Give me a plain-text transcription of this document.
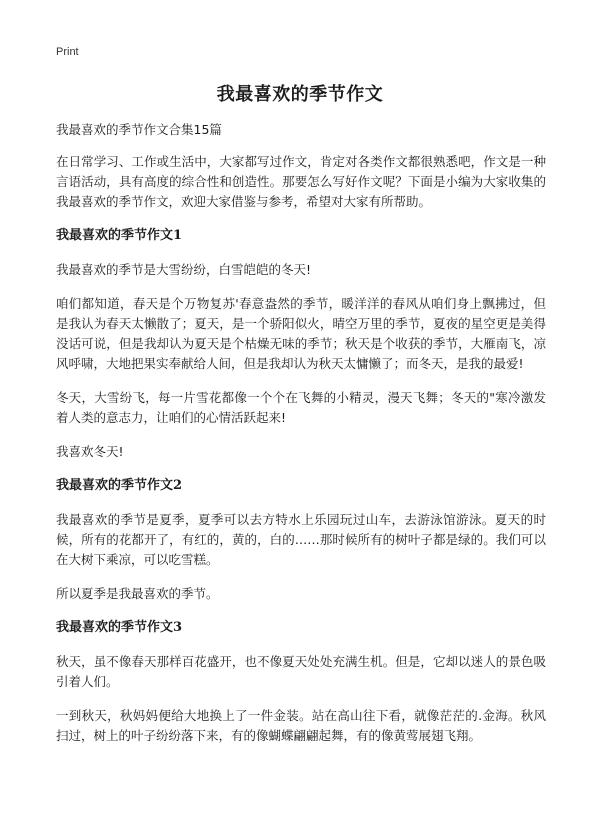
Print
我最喜欢的季节作文

我最喜欢的季节作文合集15篇

在日常学习、工作或生活中，大家都写过作文，肯定对各类作文都很熟悉吧，作文是一种言语活动，具有高度的综合性和创造性。那要怎么写好作文呢？下面是小编为大家收集的我最喜欢的季节作文，欢迎大家借鉴与参考，希望对大家有所帮助。

我最喜欢的季节作文1

我最喜欢的季节是大雪纷纷，白雪皑皑的冬天!

咱们都知道，春天是个万物复苏'春意盎然的季节，暖洋洋的春风从咱们身上飘拂过，但是我认为春天太懒散了；夏天，是一个骄阳似火，晴空万里的季节，夏夜的星空更是美得没话可说，但是我却认为夏天是个枯燥无味的季节；秋天是个收获的季节，大雁南飞，凉风呼啸，大地把果实奉献给人间，但是我却认为秋天太慵懒了；而冬天，是我的最爱!

冬天，大雪纷飞，每一片雪花都像一个个在飞舞的小精灵，漫天飞舞；冬天的"寒冷激发着人类的意志力，让咱们的心情活跃起来!

我喜欢冬天!

我最喜欢的季节作文2

我最喜欢的季节是夏季，夏季可以去方特水上乐园玩过山车，去游泳馆游泳。夏天的时候，所有的花都开了，有红的，黄的，白的……那时候所有的树叶子都是绿的。我们可以在大树下乘凉，可以吃雪糕。

所以夏季是我最喜欢的季节。

我最喜欢的季节作文3

秋天，虽不像春天那样百花盛开，也不像夏天处处充满生机。但是，它却以迷人的景色吸引着人们。

一到秋天，秋妈妈便给大地换上了一件金装。站在高山往下看，就像茫茫的.金海。秋风扫过，树上的叶子纷纷落下来，有的像蝴蝶翩翩起舞，有的像黄莺展翅飞翔。
